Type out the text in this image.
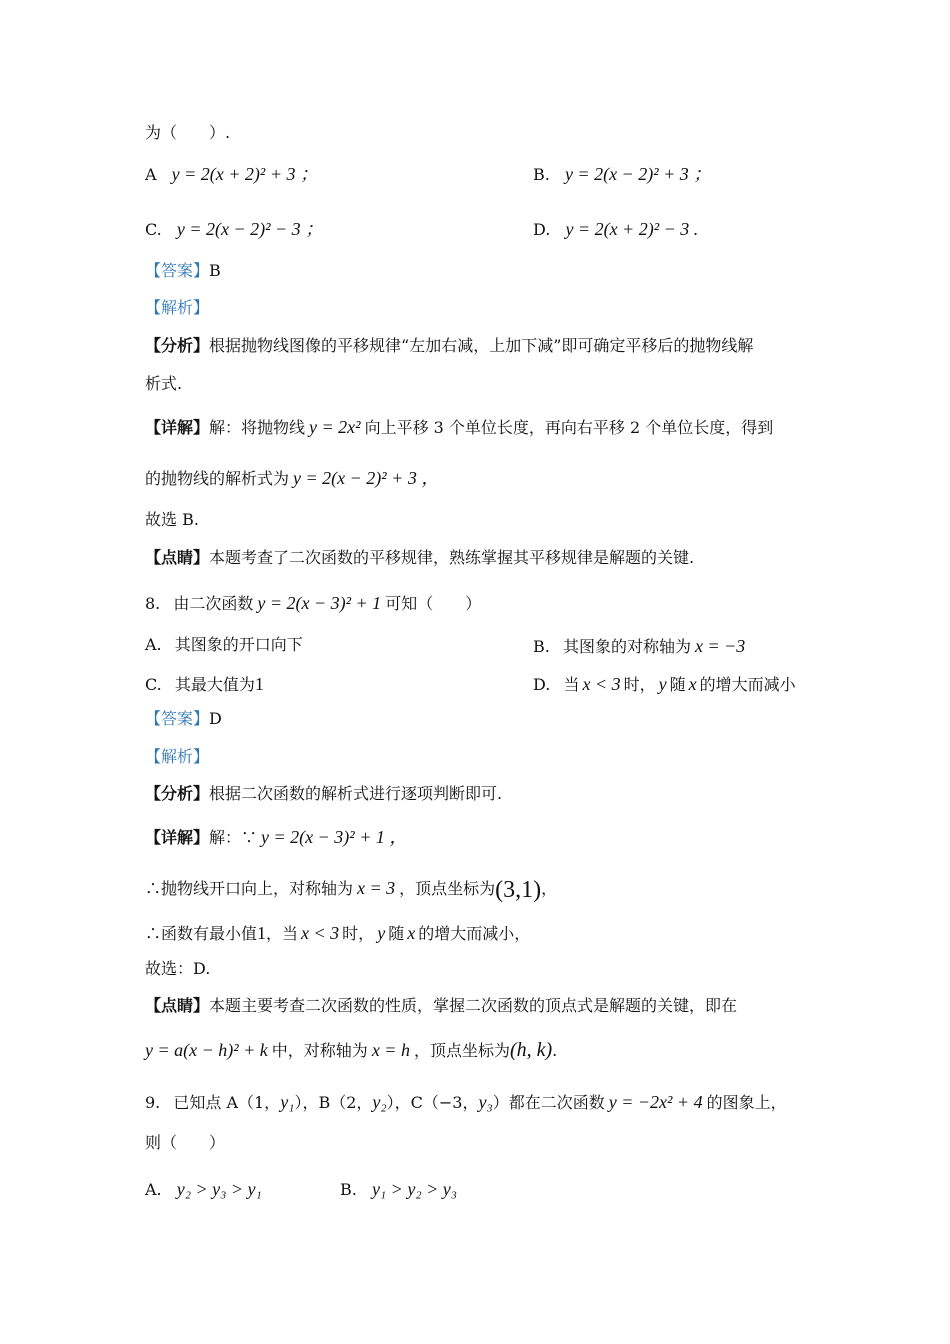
为（　　）.
A y = 2(x + 2)² + 3 ；	B. y = 2(x − 2)² + 3 ；
C. y = 2(x − 2)² − 3 ；	D. y = 2(x + 2)² − 3 .
【答案】B
【解析】
【分析】根据抛物线图像的平移规律“左加右减，上加下减”即可确定平移后的抛物线解
析式.
【详解】解：将抛物线 y = 2x² 向上平移 3 个单位长度，再向右平移 2 个单位长度，得到
的抛物线的解析式为 y = 2(x − 2)² + 3 ，
故选 B.
【点睛】本题考查了二次函数的平移规律，熟练掌握其平移规律是解题的关键.
8. 由二次函数 y = 2(x − 3)² + 1 可知（　　）
A. 其图象的开口向下	B. 其图象的对称轴为 x = −3
C. 其最大值为1	D. 当 x < 3 时， y 随 x 的增大而减小
【答案】D
【解析】
【分析】根据二次函数的解析式进行逐项判断即可.
【详解】解：∵ y = 2(x − 3)² + 1 ，
∴抛物线开口向上，对称轴为 x = 3 ，顶点坐标为(3,1)，
∴函数有最小值1，当 x < 3 时， y 随 x 的增大而减小，
故选：D.
【点睛】本题主要考查二次函数的性质，掌握二次函数的顶点式是解题的关键，即在
y = a(x − h)² + k 中，对称轴为 x = h ，顶点坐标为(h, k).
9. 已知点 A（1，y₁），B（2，y₂），C（−3，y₃）都在二次函数 y = −2x² + 4 的图象上，
则（　　）
A. y₂ > y₃ > y₁	B. y₁ > y₂ > y₃
